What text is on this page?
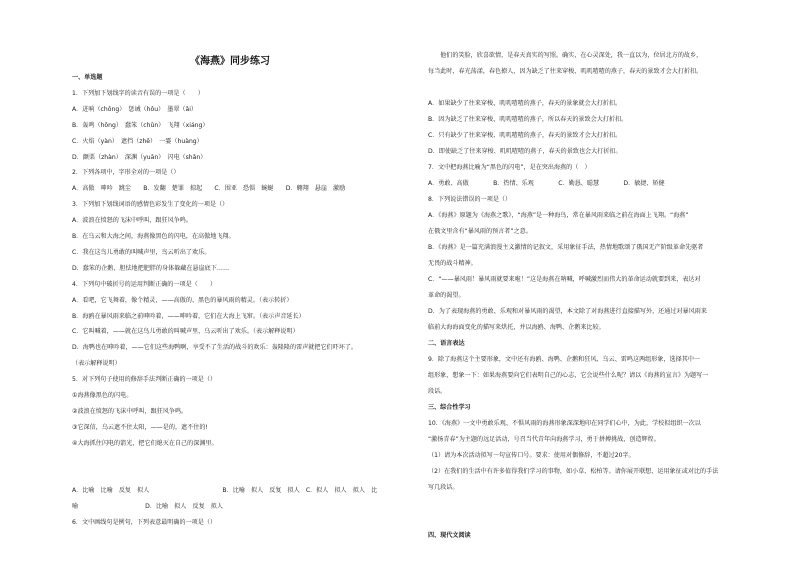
《海燕》同步练习
一、单选题
1．下列加下划线字的读音有误的一项是（　　）
A．迸响（chǒng）　惩诫（hǒu）　墨翠（ǎi）
B．轰鸣（hōng）　蠢笨（chǔn）　飞翔（xiáng）
C．火焰（yàn）　遮挡（zhē）　一霎（huàng）
D．颤栗（zhàn）　深渊（yuān）　闪电（shǎn）
2．下列各项中，字形全对的一项是（）
A．高傲　呻吟　跳尘　　B．发翻　楚罪　掠起　　C．围亚　恐惧　蜿蜒　　D．翱翔　悬崖　激励
3．下列加下划线词语的感情色彩发生了变化的一项是（）
A．波浪在愤怒的飞沫中呼叫，跟狂风争鸣。
B．在乌云和大海之间，海燕像黑色的闪电，在高傲地飞翔。
C．我在这鸟儿勇敢的叫喊声里，鸟云听出了欢乐。
D．蠢笨的企鹅，胆怯地把肥胖的身体躲藏在悬崖底下……
4．下列句中破折号的运用判断正确的一项是（　　）
A．看吧，它飞舞着，像个精灵，——高傲的、黑色的暴风雨的精灵。（表示转折）
B．海鸥在暴风雨来临之前呻吟着，——呻吟着，它们在大海上飞窜。（表示声音延长）
C．它叫喊着，——就在这鸟儿勇敢的叫喊声里，乌云听出了欢乐。（表示解释说明）
D．海鸭也在呻吟着，——它们这些海鸭啊，享受不了生活的战斗的欢乐：轰隆隆的雷声就把它们吓坏了。
（表示解释说明）
5．对下列句子使用的修辞手法判断正确的一项是（）
①海燕像黑色的闪电。
②波浪在愤怒的飞沫中呼叫，跟狂风争鸣。
③它深信，乌云遮不住太阳，——是的，遮不住的!
④大海抓住闪电的箭光，把它们熄灭在自己的深渊里。
A．比喻　比喻　反复　拟人　　　　　　　　　　　　B．比喻　拟人　反复　拟人　C．拟人　拟人　拟人　比
喻　　　　　　　　　　　D．比喻　拟人　反复　拟人
6．文中画线句是例句，下列表意最明确的一项是（）
　　他们的笑脸，欣喜欲情，是春天真实的写照。确实，在心灵深处，我一直以为，位居北方的故乡，
每当此时，春光荡漾，春色撩人，因为缺乏了往来穿梭、叽叽喳喳的燕子，春天的景致才会大打折扣。
A．如果缺少了往来穿梭、叽叽喳喳的燕子，春天的景象就会大打折扣。
B．因为缺乏了往来穿梭、叽叽喳喳的燕子，所以春天的景致会大打折扣。
C．只有缺少了往来穿梭、叽叽喳喳的燕子，春天的景致才会大打折扣。
D．即使缺乏了往来穿梭、叽叽喳喳的燕子，春天的景致也会大打折扣。
7．文中把海燕比喻为“黑色的闪电”，是在突出海燕的（　）
A．勇敢、高傲　　　　B．热情、乐观　　　　C．勤恳、聪慧　　　　D．敏捷、矫健
8．下列说法错误的一项是（）
A．《海燕》原题为《海燕之歌》，“海燕”是一种海鸟，常在暴风雨来临之前在海面上飞翔。“海燕”
在俄文里含有“暴风雨的预言者”之意。
B．《海燕》是一篇充满浪漫主义激情的记叙文，采用象征手法，热情地歌颂了俄国无产阶级革命先驱者
无畏的战斗精神。
C．“——暴风雨！暴风雨就要来啦！”这是海燕在呐喊，呼喊激烈而伟大的革命运动就要到来，表达对
革命的渴望。
D．为了表现海燕的勇敢、乐观和对暴风雨的渴望，本文除了对海燕进行直接描写外，还通过对暴风雨来
临前大海海面变化的描写来烘托，并以海鸥、海鸭、企鹅来比较。
二、语言表达
9．除了海燕这个主要形象，文中还有海鸥、海鸭、企鹅和狂风、乌云、雷鸣这两组形象，选择其中一
组形象，想象一下：如果海燕要向它们表明自己的心志，它会说些什么呢？请以《海燕的宣言》为题写一
段话。
三、综合性学习
10．《海燕》一文中勇敢乐观、不惧风雨的海燕形象深深地印在同学们心中，为此，学校拟组织一次以
“激扬青春”为主题的远足活动，号召当代青年向海燕学习，勇于拼搏挑战，创造辉煌。
（1）请为本次活动拟写一句宣传口号。要求：使用对偶修辞，不超过20字。
（2）在我们的生活中有许多值得我们学习的事物，如小草、松柏等。请你展开联想，运用象征或对比的手法
写几段话。
四、现代文阅读
